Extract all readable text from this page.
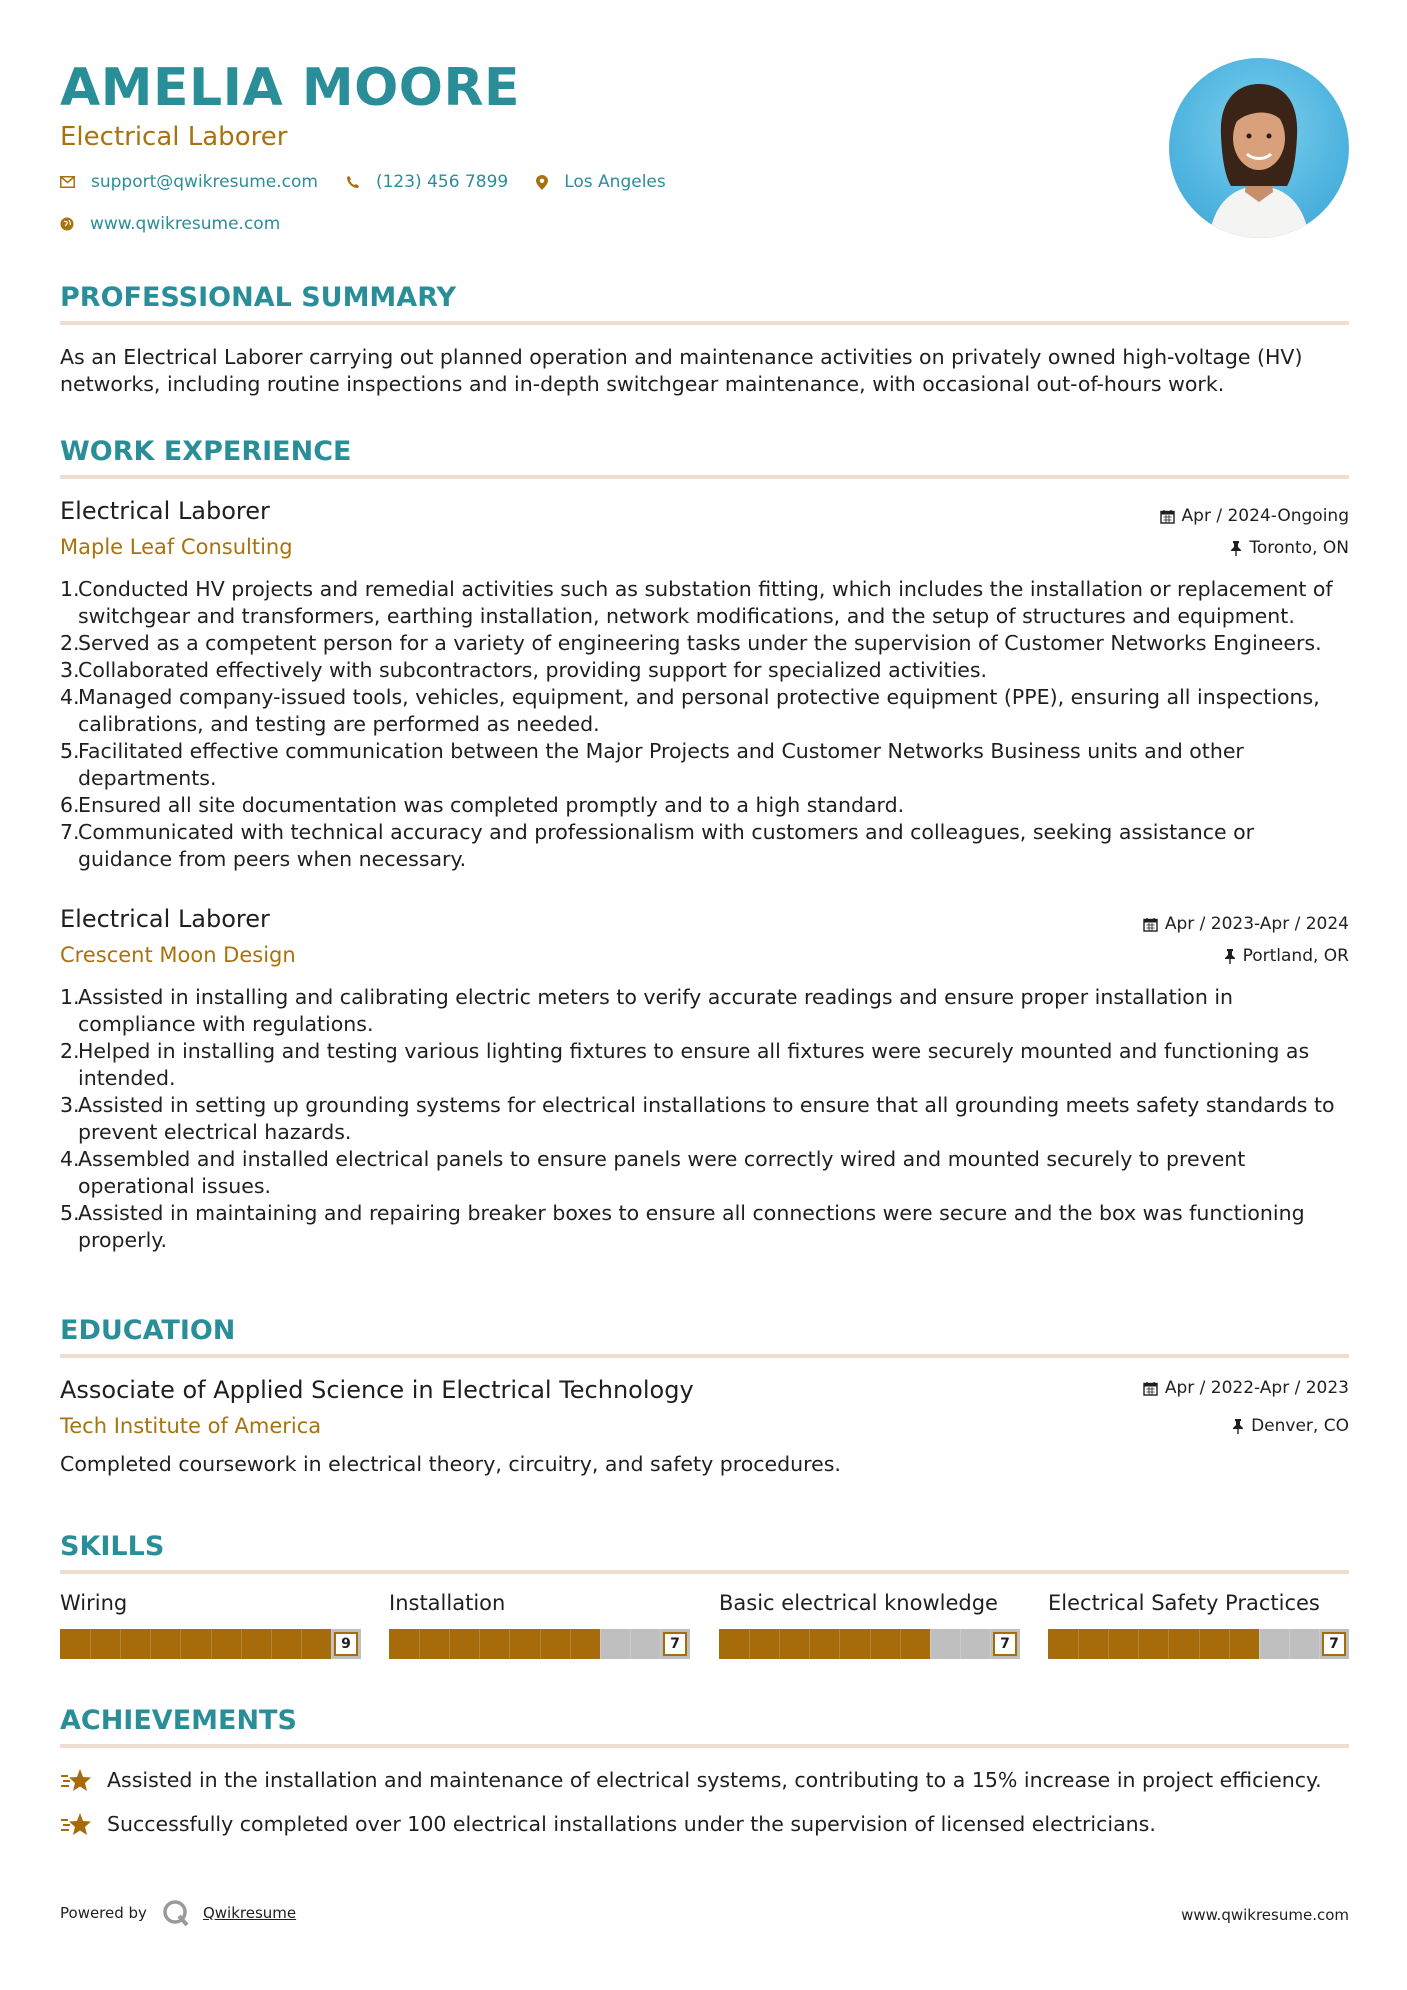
AMELIA MOORE
Electrical Laborer
support@qwikresume.com	(123) 456 7899	Los Angeles
www.qwikresume.com
PROFESSIONAL SUMMARY
As an Electrical Laborer carrying out planned operation and maintenance activities on privately owned high-voltage (HV) networks, including routine inspections and in-depth switchgear maintenance, with occasional out-of-hours work.
WORK EXPERIENCE
Electrical Laborer	Apr / 2024-Ongoing
Maple Leaf Consulting	Toronto, ON
1.
Conducted HV projects and remedial activities such as substation fitting, which includes the installation or replacement of switchgear and transformers, earthing installation, network modifications, and the setup of structures and equipment.
2.
Served as a competent person for a variety of engineering tasks under the supervision of Customer Networks Engineers.
3.
Collaborated effectively with subcontractors, providing support for specialized activities.
4.
Managed company-issued tools, vehicles, equipment, and personal protective equipment (PPE), ensuring all inspections, calibrations, and testing are performed as needed.
5.
Facilitated effective communication between the Major Projects and Customer Networks Business units and other departments.
6.
Ensured all site documentation was completed promptly and to a high standard.
7.
Communicated with technical accuracy and professionalism with customers and colleagues, seeking assistance or guidance from peers when necessary.
Electrical Laborer	Apr / 2023-Apr / 2024
Crescent Moon Design	Portland, OR
1.
Assisted in installing and calibrating electric meters to verify accurate readings and ensure proper installation in compliance with regulations.
2.
Helped in installing and testing various lighting fixtures to ensure all fixtures were securely mounted and functioning as intended.
3.
Assisted in setting up grounding systems for electrical installations to ensure that all grounding meets safety standards to prevent electrical hazards.
4.
Assembled and installed electrical panels to ensure panels were correctly wired and mounted securely to prevent operational issues.
5.
Assisted in maintaining and repairing breaker boxes to ensure all connections were secure and the box was functioning properly.
EDUCATION
Associate of Applied Science in Electrical Technology	Apr / 2022-Apr / 2023
Tech Institute of America	Denver, CO
Completed coursework in electrical theory, circuitry, and safety procedures.
SKILLS
Wiring
9
Installation
7
Basic electrical knowledge
7
Electrical Safety Practices
7
ACHIEVEMENTS
Assisted in the installation and maintenance of electrical systems, contributing to a 15% increase in project efficiency.
Successfully completed over 100 electrical installations under the supervision of licensed electricians.
Powered by	Qwikresume	www.qwikresume.com
